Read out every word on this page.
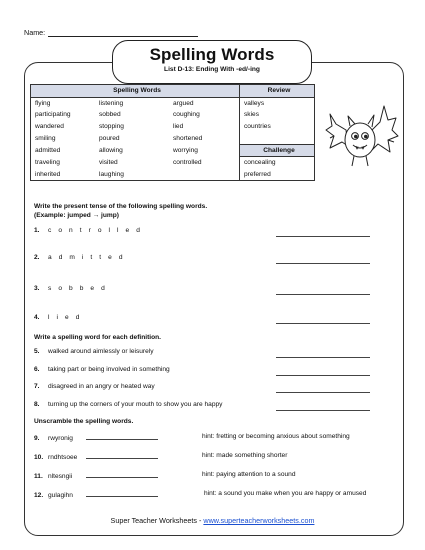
Name:
Spelling Words
List D-13: Ending With -ed/-ing
Spelling Words			Review
flying	listening	argued	valleys
participating	sobbed	coughing	skies
wandered	stopping	lied	countries
smiling	poured	shortened	
admitted	allowing	worrying	Challenge
traveling	visited	controlled	concealing
inherited	laughing		preferred
Write the present tense of the following spelling words.
(Example: jumped → jump)
1. c o n t r o l l e d
2. a d m i t t e d
3. s o b b e d
4. l i e d
Write a spelling word for each definition.
5. walked around aimlessly or leisurely
6. taking part or being involved in something
7. disagreed in an angry or heated way
8. turning up the corners of your mouth to show you are happy
Unscramble the spelling words.
9. rwyronig	hint: fretting or becoming anxious about something
10. rndhtsoee	hint: made something shorter
11. nltesngii	hint: paying attention to a sound
12. gulagihn	hint: a sound you make when you are happy or amused
Super Teacher Worksheets - www.superteacherworksheets.com
